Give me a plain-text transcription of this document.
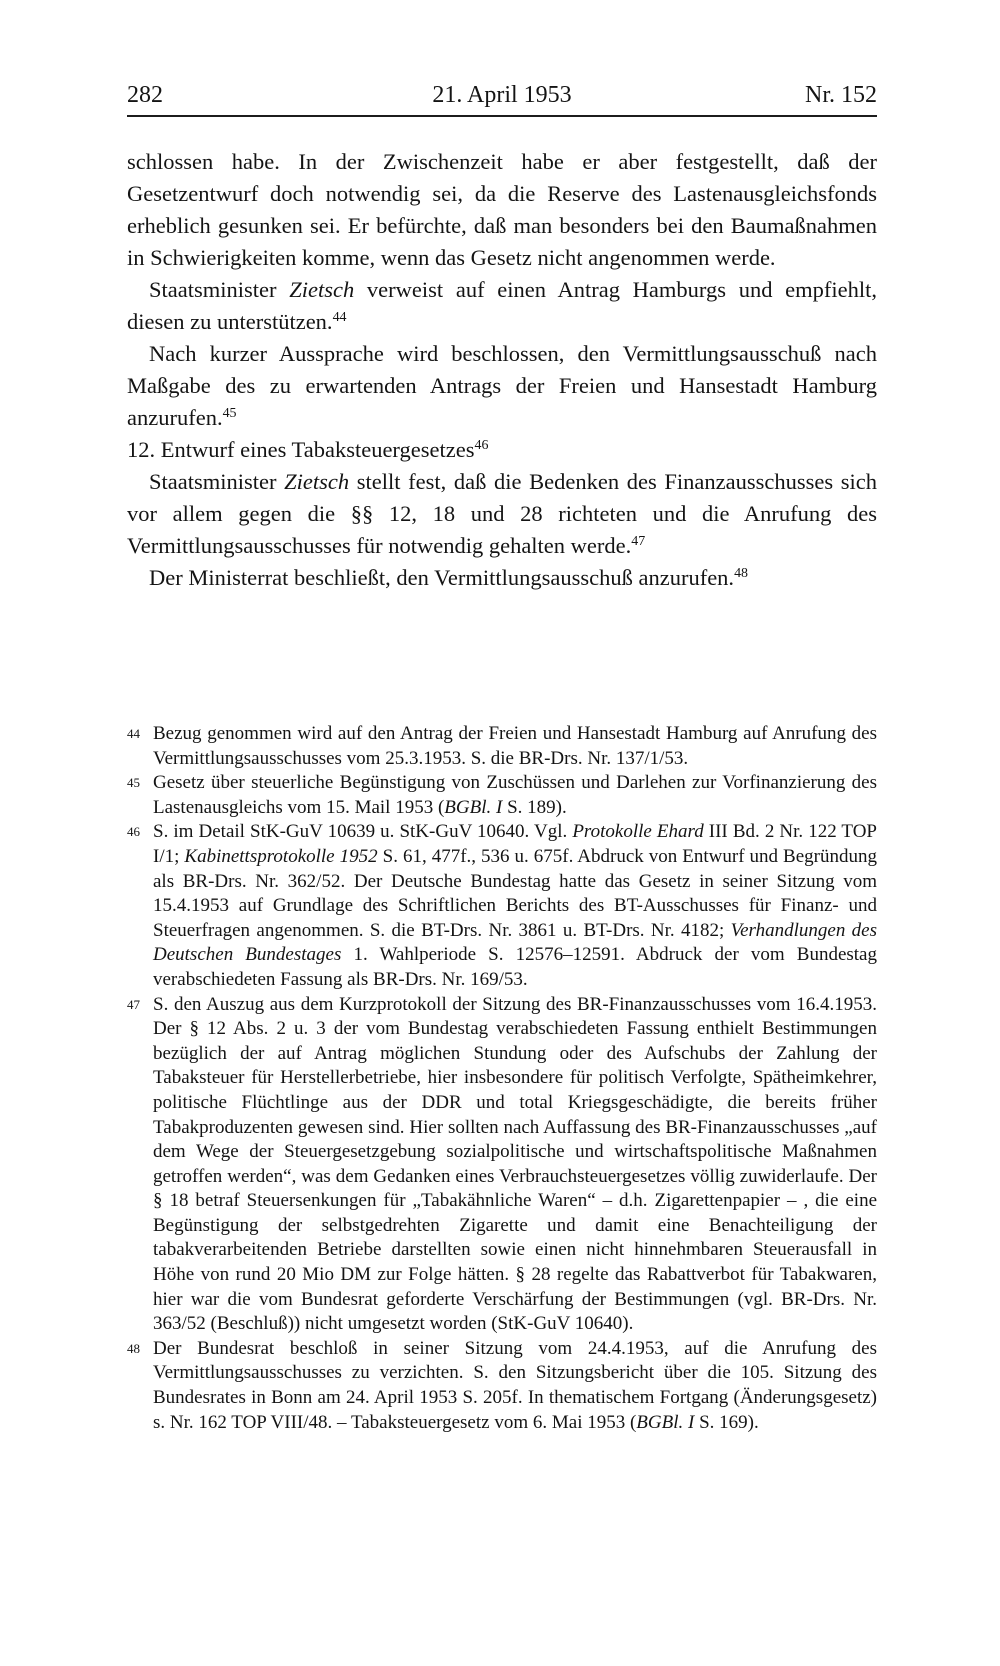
282	21. April 1953	Nr. 152

schlossen habe. In der Zwischenzeit habe er aber festgestellt, daß der Gesetzentwurf doch notwendig sei, da die Reserve des Lastenausgleichsfonds erheblich gesunken sei. Er befürchte, daß man besonders bei den Baumaßnahmen in Schwierigkeiten komme, wenn das Gesetz nicht angenommen werde.

Staatsminister Zietsch verweist auf einen Antrag Hamburgs und empfiehlt, diesen zu unterstützen.$^{44}$

Nach kurzer Aussprache wird beschlossen, den Vermittlungsausschuß nach Maßgabe des zu erwartenden Antrags der Freien und Hansestadt Hamburg anzurufen.$^{45}$

12. Entwurf eines Tabaksteuergesetzes$^{46}$

Staatsminister Zietsch stellt fest, daß die Bedenken des Finanzausschusses sich vor allem gegen die §§ 12, 18 und 28 richteten und die Anrufung des Vermittlungsausschusses für notwendig gehalten werde.$^{47}$

Der Ministerrat beschließt, den Vermittlungsausschuß anzurufen.$^{48}$

44 Bezug genommen wird auf den Antrag der Freien und Hansestadt Hamburg auf Anrufung des Vermittlungsausschusses vom 25.3.1953. S. die BR-Drs. Nr. 137/1/53.
45 Gesetz über steuerliche Begünstigung von Zuschüssen und Darlehen zur Vorfinanzierung des Lastenausgleichs vom 15. Mail 1953 (BGBl. I S. 189).
46 S. im Detail StK-GuV 10639 u. StK-GuV 10640. Vgl. Protokolle Ehard III Bd. 2 Nr. 122 TOP I/1; Kabinettsprotokolle 1952 S. 61, 477f., 536 u. 675f. Abdruck von Entwurf und Begründung als BR-Drs. Nr. 362/52. Der Deutsche Bundestag hatte das Gesetz in seiner Sitzung vom 15.4.1953 auf Grundlage des Schriftlichen Berichts des BT-Ausschusses für Finanz- und Steuerfragen angenommen. S. die BT-Drs. Nr. 3861 u. BT-Drs. Nr. 4182; Verhandlungen des Deutschen Bundestages 1. Wahlperiode S. 12576–12591. Abdruck der vom Bundestag verabschiedeten Fassung als BR-Drs. Nr. 169/53.
47 S. den Auszug aus dem Kurzprotokoll der Sitzung des BR-Finanzausschusses vom 16.4.1953. Der § 12 Abs. 2 u. 3 der vom Bundestag verabschiedeten Fassung enthielt Bestimmungen bezüglich der auf Antrag möglichen Stundung oder des Aufschubs der Zahlung der Tabaksteuer für Herstellerbetriebe, hier insbesondere für politisch Verfolgte, Spätheimkehrer, politische Flüchtlinge aus der DDR und total Kriegsgeschädigte, die bereits früher Tabakproduzenten gewesen sind. Hier sollten nach Auffassung des BR-Finanzausschusses „auf dem Wege der Steuergesetzgebung sozialpolitische und wirtschaftspolitische Maßnahmen getroffen werden“, was dem Gedanken eines Verbrauchsteuergesetzes völlig zuwiderlaufe. Der § 18 betraf Steuersenkungen für „Tabakähnliche Waren“ – d.h. Zigarettenpapier – , die eine Begünstigung der selbstgedrehten Zigarette und damit eine Benachteiligung der tabakverarbeitenden Betriebe darstellten sowie einen nicht hinnehmbaren Steuerausfall in Höhe von rund 20 Mio DM zur Folge hätten. § 28 regelte das Rabattverbot für Tabakwaren, hier war die vom Bundesrat geforderte Verschärfung der Bestimmungen (vgl. BR-Drs. Nr. 363/52 (Beschluß)) nicht umgesetzt worden (StK-GuV 10640).
48 Der Bundesrat beschloß in seiner Sitzung vom 24.4.1953, auf die Anrufung des Vermittlungsausschusses zu verzichten. S. den Sitzungsbericht über die 105. Sitzung des Bundesrates in Bonn am 24. April 1953 S. 205f. In thematischem Fortgang (Änderungsgesetz) s. Nr. 162 TOP VIII/48. – Tabaksteuergesetz vom 6. Mai 1953 (BGBl. I S. 169).
